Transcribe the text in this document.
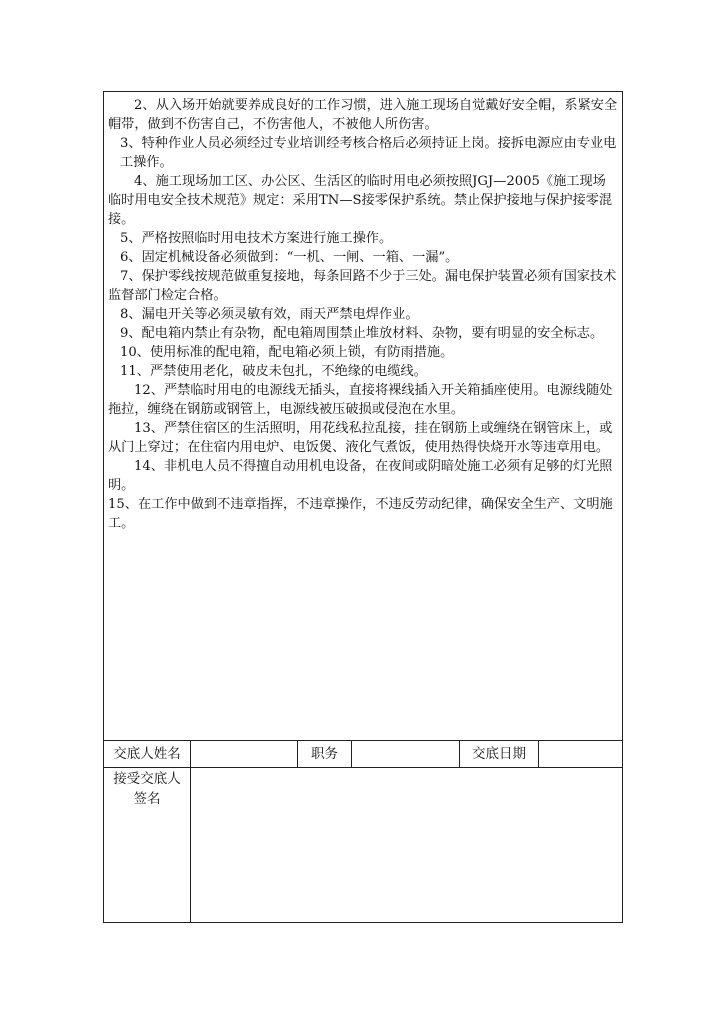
2、从入场开始就要养成良好的工作习惯，进入施工现场自觉戴好安全帽，系紧安全帽带，做到不伤害自己，不伤害他人，不被他人所伤害。

3、特种作业人员必须经过专业培训经考核合格后必须持证上岗。接拆电源应由专业电工操作。

4、施工现场加工区、办公区、生活区的临时用电必须按照JGJ—2005《施工现场临时用电安全技术规范》规定：采用TN—S接零保护系统。禁止保护接地与保护接零混接。

5、严格按照临时用电技术方案进行施工操作。

6、固定机械设备必须做到：“一机、一闸、一箱、一漏”。

7、保护零线按规范做重复接地，每条回路不少于三处。漏电保护装置必须有国家技术监督部门检定合格。

8、漏电开关等必须灵敏有效，雨天严禁电焊作业。

9、配电箱内禁止有杂物，配电箱周围禁止堆放材料、杂物，要有明显的安全标志。

10、使用标准的配电箱，配电箱必须上锁，有防雨措施。

11、严禁使用老化，破皮未包扎，不绝缘的电缆线。

12、严禁临时用电的电源线无插头，直接将裸线插入开关箱插座使用。电源线随处拖拉，缠绕在钢筋或钢管上，电源线被压破损或侵泡在水里。

13、严禁住宿区的生活照明，用花线私拉乱接，挂在钢筋上或缠绕在钢管床上，或从门上穿过；在住宿内用电炉、电饭煲、液化气煮饭，使用热得快烧开水等违章用电。

14、非机电人员不得擅自动用机电设备，在夜间或阴暗处施工必须有足够的灯光照明。

15、在工作中做到不违章指挥，不违章操作，不违反劳动纪律，确保安全生产、文明施工。

交底人姓名	职务	交底日期
接受交底人
签名
